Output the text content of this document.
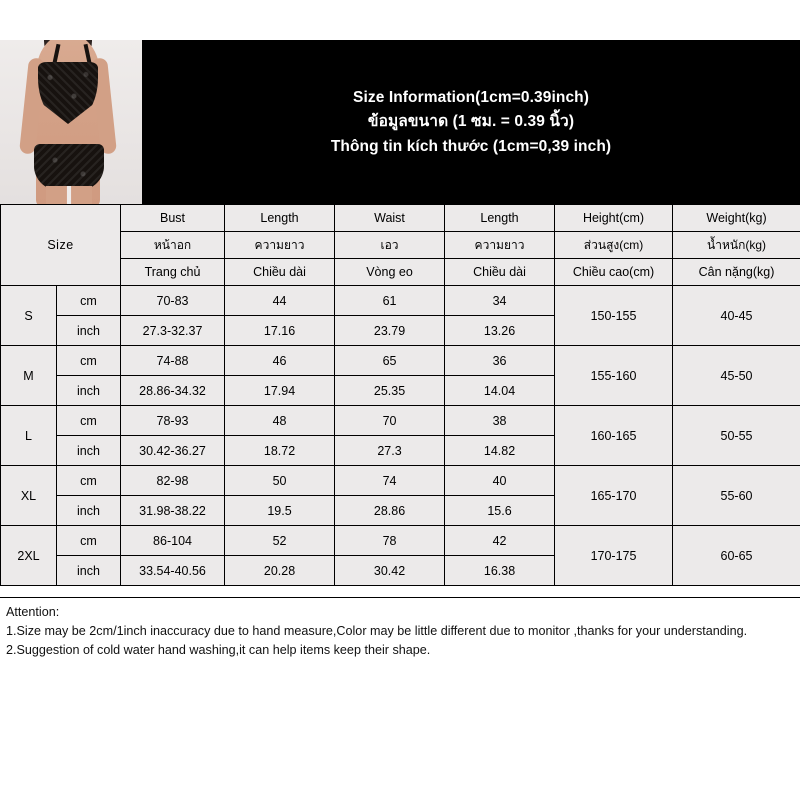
Size Information(1cm=0.39inch)
ข้อมูลขนาด (1 ซม. = 0.39 นิ้ว)
Thông tin kích thước (1cm=0,39 inch)
Size		Bust	Length	Waist	Length	Height(cm)	Weight(kg)
		หน้าอก	ความยาว	เอว	ความยาว	ส่วนสูง(cm)	น้ำหนัก(kg)
		Trang chủ	Chiều dài	Vòng eo	Chiều dài	Chiều cao(cm)	Cân nặng(kg)
S	cm	70-83	44	61	34	150-155	40-45
	inch	27.3-32.37	17.16	23.79	13.26		
M	cm	74-88	46	65	36	155-160	45-50
	inch	28.86-34.32	17.94	25.35	14.04		
L	cm	78-93	48	70	38	160-165	50-55
	inch	30.42-36.27	18.72	27.3	14.82		
XL	cm	82-98	50	74	40	165-170	55-60
	inch	31.98-38.22	19.5	28.86	15.6		
2XL	cm	86-104	52	78	42	170-175	60-65
	inch	33.54-40.56	20.28	30.42	16.38		
Attention:
1.Size may be 2cm/1inch inaccuracy due to hand measure,Color may be little different due to monitor ,thanks for your understanding.
2.Suggestion of cold water hand washing,it can help items keep their shape.
